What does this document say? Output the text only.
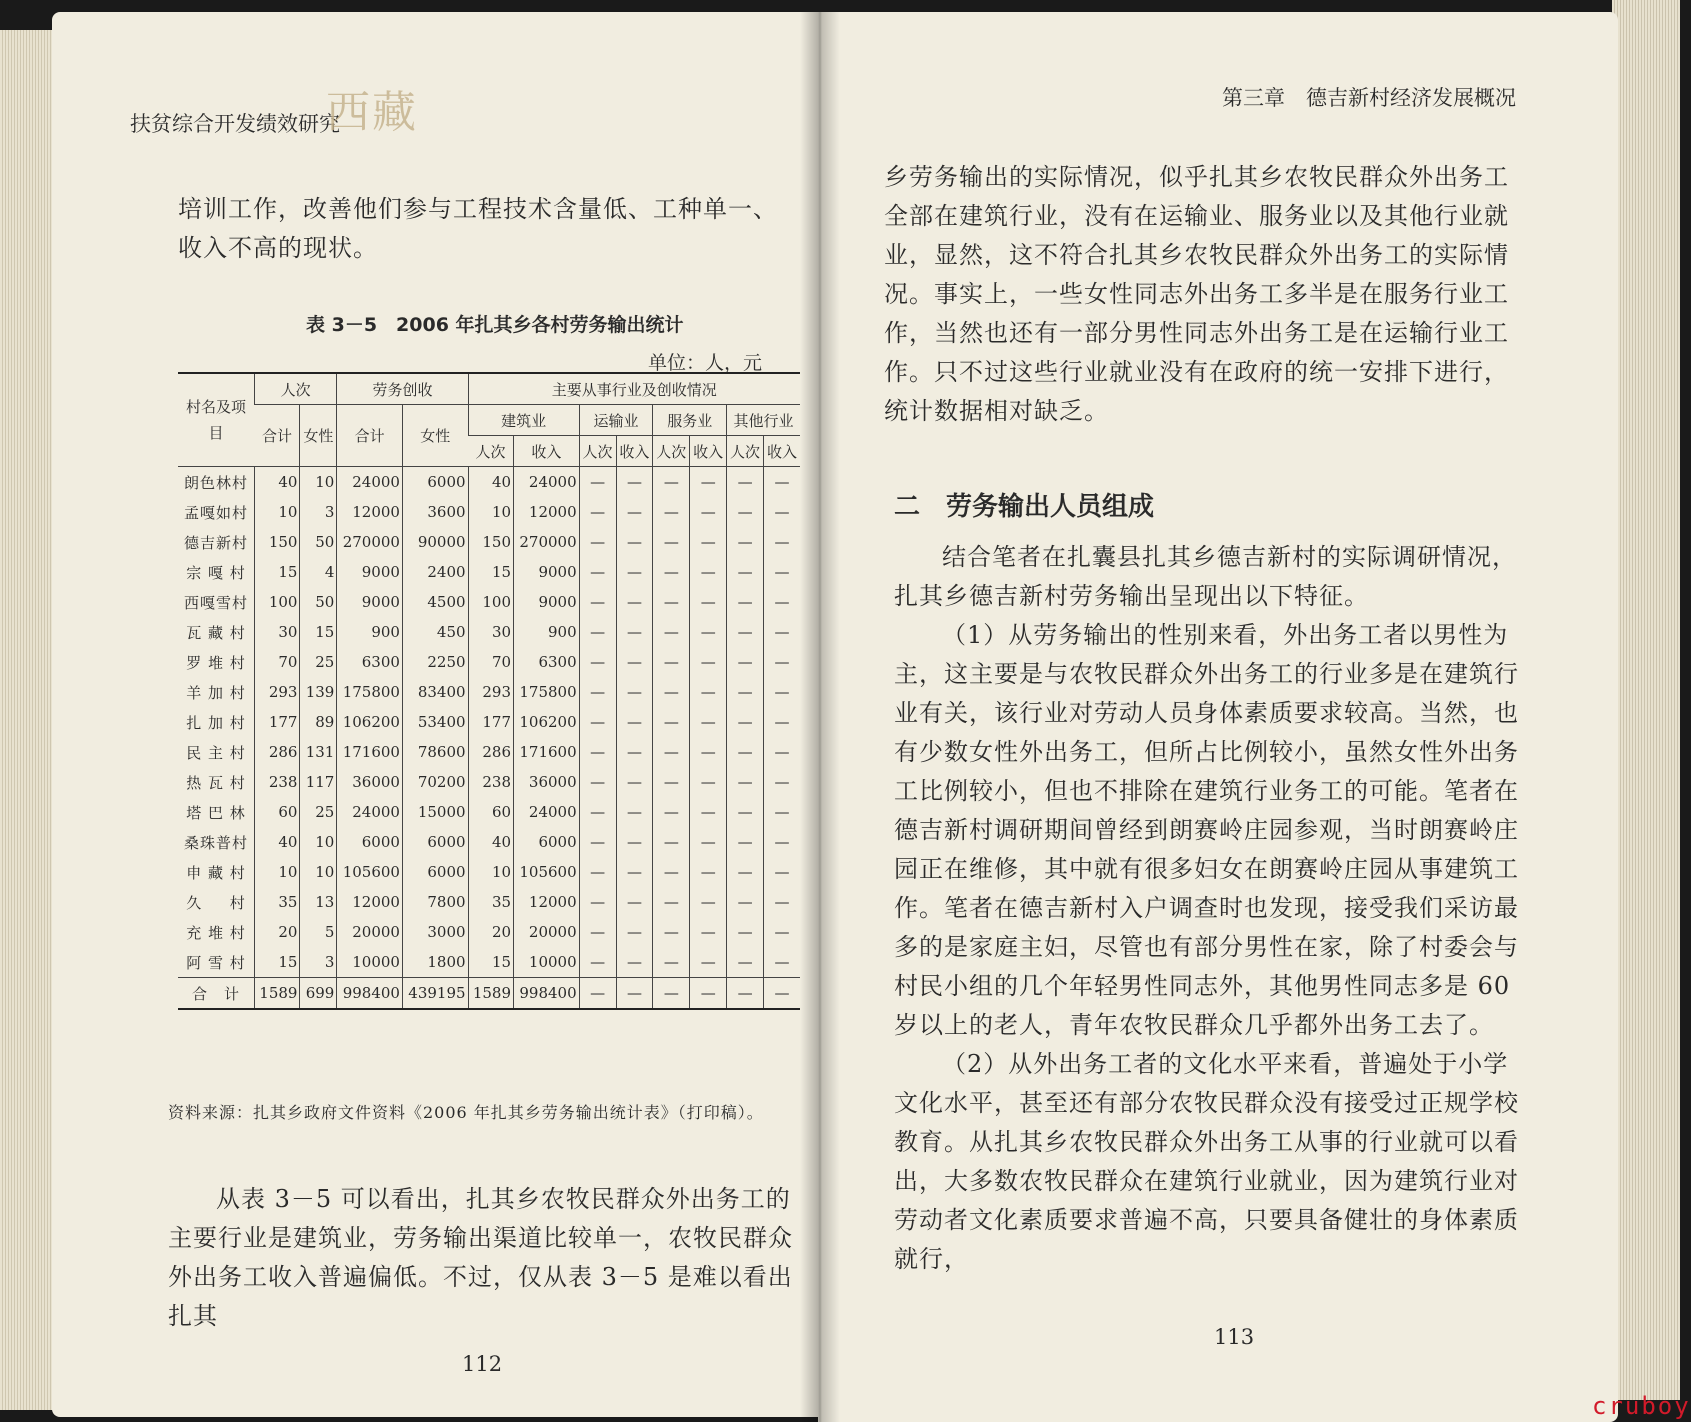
扶贫综合开发绩效研究
西藏

培训工作，改善他们参与工程技术含量低、工种单一、收入不高的现状。

表 3－5　2006 年扎其乡各村劳务输出统计
单位：人，元
村名及项　目	人次		劳务创收		主要从事行业及创收情况							
	合计	女性	合计	女性	建筑业		运输业		服务业		其他行业	
					人次	收入	人次	收入	人次	收入	人次	收入
朗色林村	40	10	24000	6000	40	24000	—	—	—	—	—	—
孟嘎如村	10	3	12000	3600	10	12000	—	—	—	—	—	—
德吉新村	150	50	270000	90000	150	270000	—	—	—	—	—	—
宗 嘎 村	15	4	9000	2400	15	9000	—	—	—	—	—	—
西嘎雪村	100	50	9000	4500	100	9000	—	—	—	—	—	—
瓦 藏 村	30	15	900	450	30	900	—	—	—	—	—	—
罗 堆 村	70	25	6300	2250	70	6300	—	—	—	—	—	—
羊 加 村	293	139	175800	83400	293	175800	—	—	—	—	—	—
扎 加 村	177	89	106200	53400	177	106200	—	—	—	—	—	—
民 主 村	286	131	171600	78600	286	171600	—	—	—	—	—	—
热 瓦 村	238	117	36000	70200	238	36000	—	—	—	—	—	—
塔 巴 林	60	25	24000	15000	60	24000	—	—	—	—	—	—
桑珠普村	40	10	6000	6000	40	6000	—	—	—	—	—	—
申 藏 村	10	10	105600	6000	10	105600	—	—	—	—	—	—
久 　 村	35	13	12000	7800	35	12000	—	—	—	—	—	—
充 堆 村	20	5	20000	3000	20	20000	—	—	—	—	—	—
阿 雪 村	15	3	10000	1800	15	10000	—	—	—	—	—	—
合　计	1589	699	998400	439195	1589	998400	—	—	—	—	—	—
资料来源：扎其乡政府文件资料《2006 年扎其乡劳务输出统计表》（打印稿）。

从表 3－5 可以看出，扎其乡农牧民群众外出务工的主要行业是建筑业，劳务输出渠道比较单一，农牧民群众外出务工收入普遍偏低。不过，仅从表 3－5 是难以看出扎其

112
第三章　德吉新村经济发展概况

乡劳务输出的实际情况，似乎扎其乡农牧民群众外出务工全部在建筑行业，没有在运输业、服务业以及其他行业就业，显然，这不符合扎其乡农牧民群众外出务工的实际情况。事实上，一些女性同志外出务工多半是在服务行业工作，当然也还有一部分男性同志外出务工是在运输行业工作。只不过这些行业就业没有在政府的统一安排下进行，统计数据相对缺乏。

二　劳务输出人员组成

结合笔者在扎囊县扎其乡德吉新村的实际调研情况，扎其乡德吉新村劳务输出呈现出以下特征。

（1）从劳务输出的性别来看，外出务工者以男性为主，这主要是与农牧民群众外出务工的行业多是在建筑行业有关，该行业对劳动人员身体素质要求较高。当然，也有少数女性外出务工，但所占比例较小，虽然女性外出务工比例较小，但也不排除在建筑行业务工的可能。笔者在德吉新村调研期间曾经到朗赛岭庄园参观，当时朗赛岭庄园正在维修，其中就有很多妇女在朗赛岭庄园从事建筑工作。笔者在德吉新村入户调查时也发现，接受我们采访最多的是家庭主妇，尽管也有部分男性在家，除了村委会与村民小组的几个年轻男性同志外，其他男性同志多是 60 岁以上的老人，青年农牧民群众几乎都外出务工去了。

（2）从外出务工者的文化水平来看，普遍处于小学文化水平，甚至还有部分农牧民群众没有接受过正规学校教育。从扎其乡农牧民群众外出务工从事的行业就可以看出，大多数农牧民群众在建筑行业就业，因为建筑行业对劳动者文化素质要求普遍不高，只要具备健壮的身体素质就行，

113
cruboy
